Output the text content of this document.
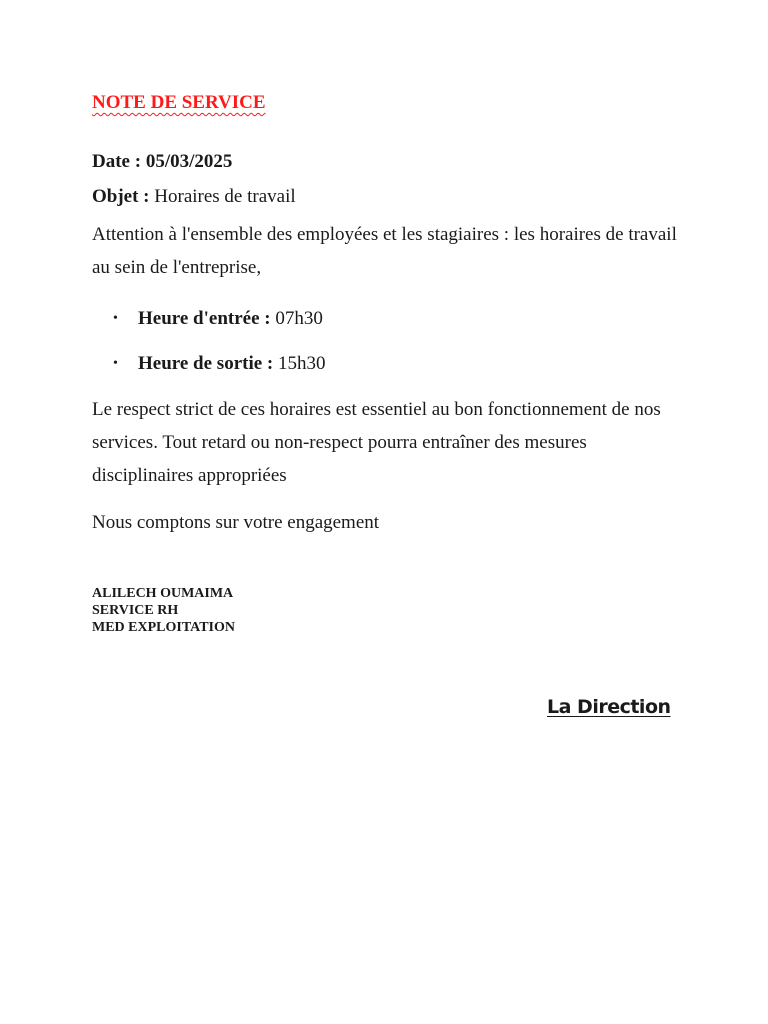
NOTE DE SERVICE
Date : 05/03/2025
Objet : Horaires de travail
Attention à l'ensemble des employées et les stagiaires : les horaires de travail au sein de l'entreprise,
• Heure d'entrée : 07h30
• Heure de sortie : 15h30
Le respect strict de ces horaires est essentiel au bon fonctionnement de nos services. Tout retard ou non-respect pourra entraîner des mesures disciplinaires appropriées
Nous comptons sur votre engagement
ALILECH OUMAIMA
SERVICE RH
MED EXPLOITATION
La Direction
